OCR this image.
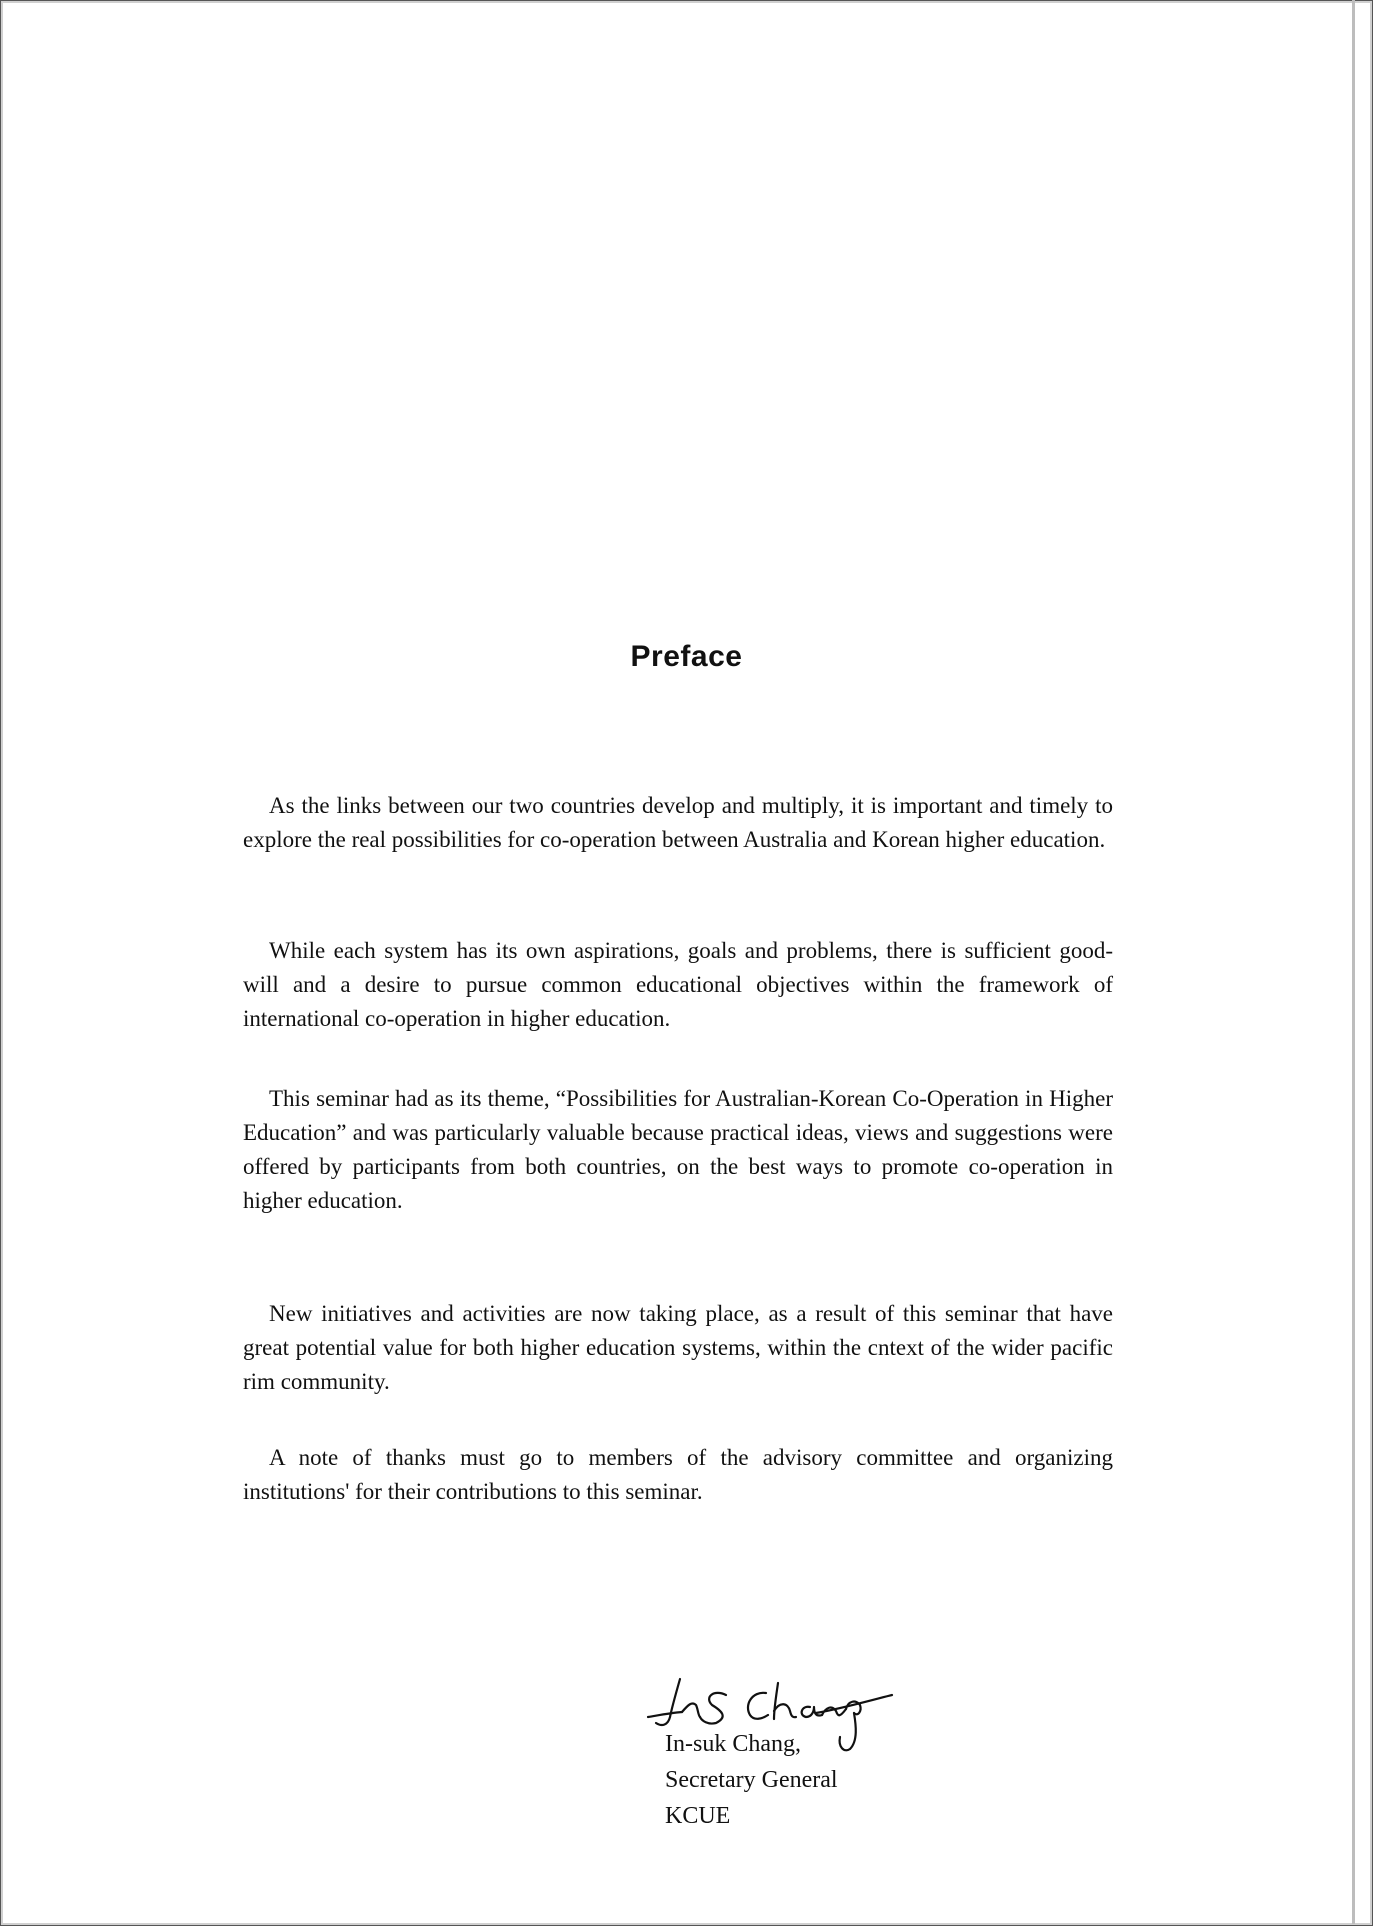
Preface

As the links between our two countries develop and multiply, it is important and timely to explore the real possibilities for co-operation between Australia and Korean higher education.

While each system has its own aspirations, goals and problems, there is sufficient good-will and a desire to pursue common educational objectives within the framework of international co-operation in higher education.

This seminar had as its theme, “Possibilities for Australian-Korean Co-Operation in Higher Education” and was particularly valuable because practical ideas, views and suggestions were offered by participants from both countries, on the best ways to promote co-operation in higher education.

New initiatives and activities are now taking place, as a result of this seminar that have great potential value for both higher education systems, within the cntext of the wider pacific rim community.

A note of thanks must go to members of the advisory committee and organizing institutions' for their contributions to this seminar.

In-suk Chang,
Secretary General
KCUE
